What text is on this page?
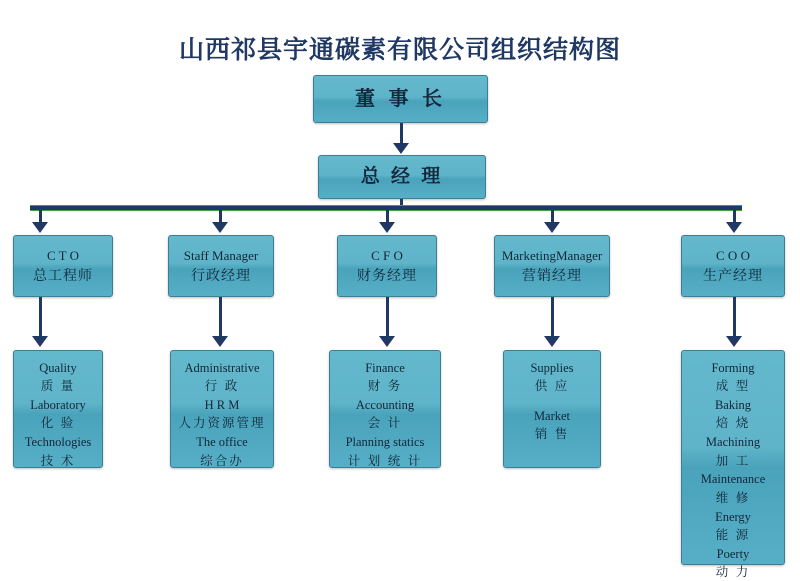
山西祁县宇通碳素有限公司组织结构图
董 事 长
总 经 理
C T O
总工程师
Staff Manager
行政经理
C F O
财务经理
MarketingManager
营销经理
C O O
生产经理
Quality
质 量
Laboratory
化 验
Technologies
技 术
Administrative
行 政
H R M
人力资源管理
The office
综合办
Finance
财 务
Accounting
会 计
Planning statics
计 划 统 计
Supplies
供 应
Market
销 售
Forming
成 型
Baking
焙 烧
Machining
加 工
Maintenance
维 修
Energy
能 源
Poerty
动 力
